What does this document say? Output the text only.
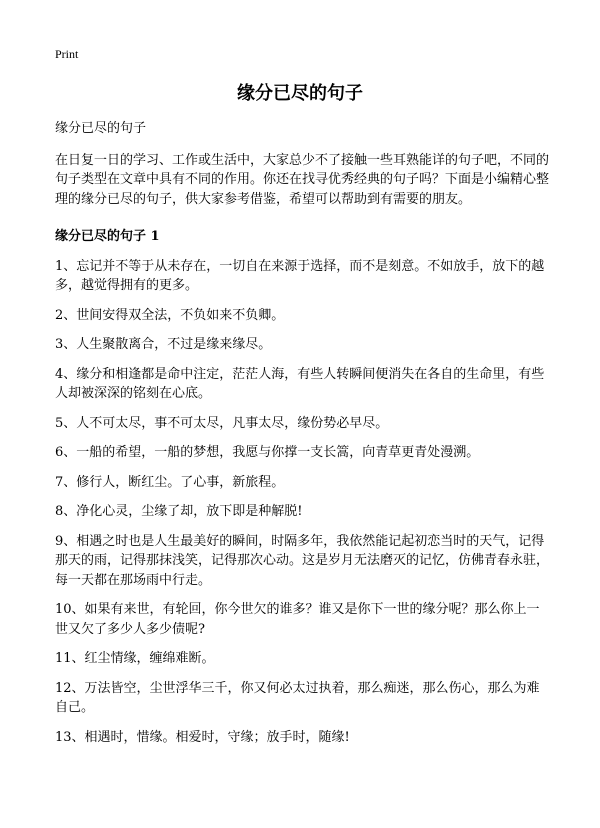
Print
缘分已尽的句子

缘分已尽的句子

在日复一日的学习、工作或生活中，大家总少不了接触一些耳熟能详的句子吧，不同的句子类型在文章中具有不同的作用。你还在找寻优秀经典的句子吗？下面是小编精心整理的缘分已尽的句子，供大家参考借鉴，希望可以帮助到有需要的朋友。

缘分已尽的句子 1

1、忘记并不等于从未存在，一切自在来源于选择，而不是刻意。不如放手，放下的越多，越觉得拥有的更多。

2、世间安得双全法，不负如来不负卿。

3、人生聚散离合，不过是缘来缘尽。

4、缘分和相逢都是命中注定，茫茫人海，有些人转瞬间便消失在各自的生命里，有些人却被深深的铭刻在心底。

5、人不可太尽，事不可太尽，凡事太尽，缘份势必早尽。

6、一船的希望，一船的梦想，我愿与你撑一支长篙，向青草更青处漫溯。

7、修行人，断红尘。了心事，新旅程。

8、净化心灵，尘缘了却，放下即是种解脱!

9、相遇之时也是人生最美好的瞬间，时隔多年，我依然能记起初恋当时的天气，记得那天的雨，记得那抹浅笑，记得那次心动。这是岁月无法磨灭的记忆，仿佛青春永驻，每一天都在那场雨中行走。

10、如果有来世，有轮回，你今世欠的谁多？谁又是你下一世的缘分呢？那么你上一世又欠了多少人多少债呢?

11、红尘情缘，缠绵难断。

12、万法皆空，尘世浮华三千，你又何必太过执着，那么痴迷，那么伤心，那么为难自己。

13、相遇时，惜缘。相爱时，守缘；放手时，随缘!
